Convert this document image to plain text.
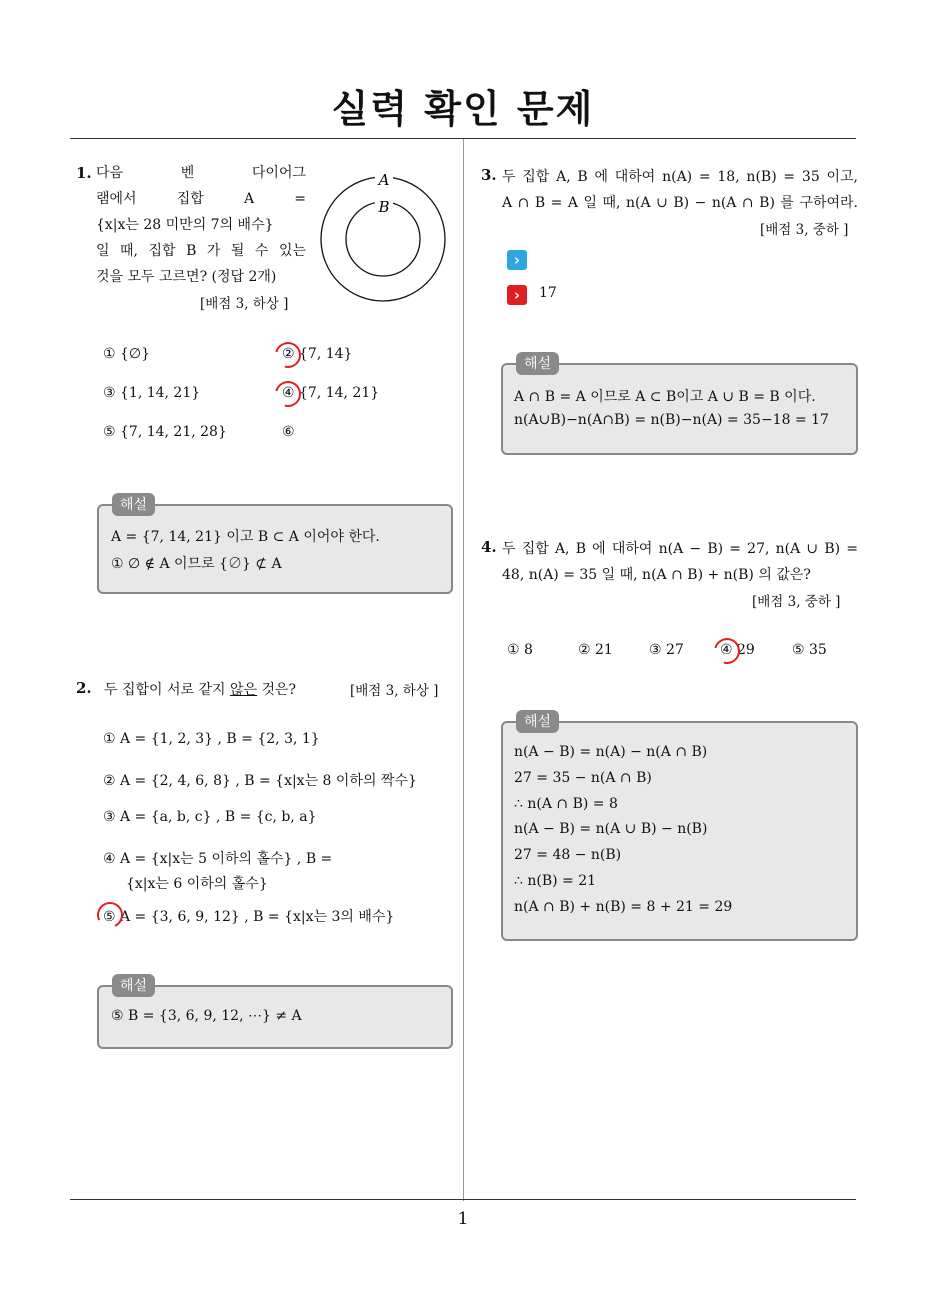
실력 확인 문제
1. 다음 벤 다이어그
램에서 집합 A =
{x|x는 28 미만의 7의 배수}
일 때, 집합 B 가 될 수 있는
것을 모두 고르면? (정답 2개)
[배점 3, 하상 ]
A
B
① {∅}	② {7, 14}
③ {1, 14, 21}	④ {7, 14, 21}
⑤ {7, 14, 21, 28}	⑥
해설
A = {7, 14, 21} 이고 B ⊂ A 이어야 한다.
① ∅ ∉ A 이므로 {∅} ⊄ A
2. 두 집합이 서로 같지 않은 것은?	[배점 3, 하상 ]
① A = {1, 2, 3} , B = {2, 3, 1}
② A = {2, 4, 6, 8} , B = {x|x는 8 이하의 짝수}
③ A = {a, b, c} , B = {c, b, a}
④ A = {x|x는 5 이하의 홀수} , B =
{x|x는 6 이하의 홀수}
⑤ A = {3, 6, 9, 12} , B = {x|x는 3의 배수}
해설
⑤ B = {3, 6, 9, 12, ⋯} ≠ A
3. 두 집합 A, B 에 대하여 n(A) = 18, n(B) = 35 이고,
A ∩ B = A 일 때, n(A ∪ B) − n(A ∩ B) 를 구하여라.
[배점 3, 중하 ]
›
›	17
해설
A ∩ B = A 이므로 A ⊂ B이고 A ∪ B = B 이다.
n(A∪B)−n(A∩B) = n(B)−n(A) = 35−18 = 17
4. 두 집합 A, B 에 대하여 n(A − B) = 27, n(A ∪ B) =
48, n(A) = 35 일 때, n(A ∩ B) + n(B) 의 값은?
[배점 3, 중하 ]
① 8	② 21	③ 27	④ 29	⑤ 35
해설
n(A − B) = n(A) − n(A ∩ B)
27 = 35 − n(A ∩ B)
∴ n(A ∩ B) = 8
n(A − B) = n(A ∪ B) − n(B)
27 = 48 − n(B)
∴ n(B) = 21
n(A ∩ B) + n(B) = 8 + 21 = 29
1
